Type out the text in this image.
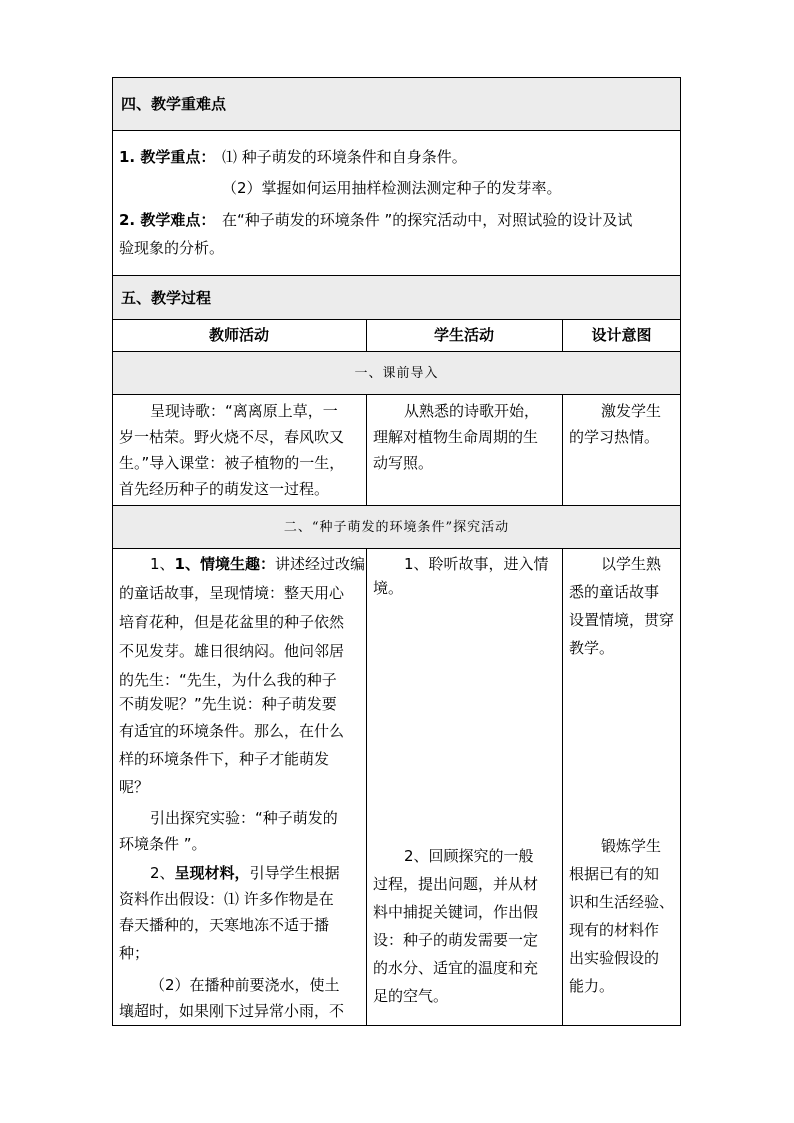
四、教学重难点
1. 教学重点： ⑴ 种子萌发的环境条件和自身条件。
（2）掌握如何运用抽样检测法测定种子的发芽率。
2. 教学难点： 在“种子萌发的环境条件 ”的探究活动中，对照试验的设计及试
验现象的分析。
五、教学过程
教师活动	学生活动	设计意图
一、课前导入
呈现诗歌：“离离原上草，一
岁一枯荣。野火烧不尽，春风吹又
生。”导入课堂：被子植物的一生，
首先经历种子的萌发这一过程。
从熟悉的诗歌开始，
理解对植物生命周期的生
动写照。
激发学生
的学习热情。
二、“种子萌发的环境条件”探究活动
1、1、情境生趣：讲述经过改编
的童话故事，呈现情境：整天用心
培育花种，但是花盆里的种子依然
不见发芽。雄日很纳闷。他问邻居
的先生：“先生，为什么我的种子
不萌发呢？”先生说：种子萌发要
有适宜的环境条件。那么，在什么
样的环境条件下，种子才能萌发
呢？
引出探究实验：“种子萌发的
环境条件 ”。
2、呈现材料，引导学生根据
资料作出假设：⑴ 许多作物是在
春天播种的，天寒地冻不适于播
种；
（2）在播种前要浇水，使土
壤超时，如果刚下过异常小雨，不
1、聆听故事，进入情
境。
2、回顾探究的一般
过程，提出问题，并从材
料中捕捉关键词，作出假
设：种子的萌发需要一定
的水分、适宜的温度和充
足的空气。
以学生熟
悉的童话故事
设置情境，贯穿
教学。
锻炼学生
根据已有的知
识和生活经验、
现有的材料作
出实验假设的
能力。
